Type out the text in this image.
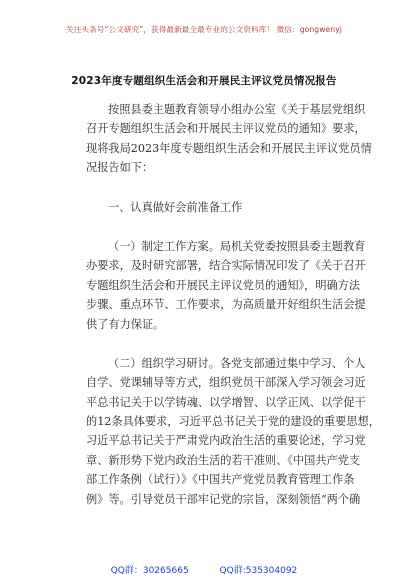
关注头条号“公文研究”，获得最新最全最专业的公文资料库！ 微信：gongwenyj
2023年度专题组织生活会和开展民主评议党员情况报告
按照县委主题教育领导小组办公室《关于基层党组织
召开专题组织生活会和开展民主评议党员的通知》要求，
现将我局2023年度专题组织生活会和开展民主评议党员情
况报告如下：
一、认真做好会前准备工作
（一）制定工作方案。局机关党委按照县委主题教育
办要求，及时研究部署，结合实际情况印发了《关于召开
专题组织生活会和开展民主评议党员的通知》，明确方法
步骤、重点环节、工作要求，为高质量开好组织生活会提
供了有力保证。
（二）组织学习研讨。各党支部通过集中学习、个人
自学、党课辅导等方式，组织党员干部深入学习领会习近
平总书记关于以学铸魂、以学增智、以学正风、以学促干
的12条具体要求，习近平总书记关于党的建设的重要思想，
习近平总书记关于严肃党内政治生活的重要论述，学习党
章、新形势下党内政治生活的若干准则、《中国共产党支
部工作条例（试行）》《中国共产党党员教育管理工作条
例》等。引导党员干部牢记党的宗旨，深刻领悟“两个确
QQ群：30265665	QQ群:535304092
